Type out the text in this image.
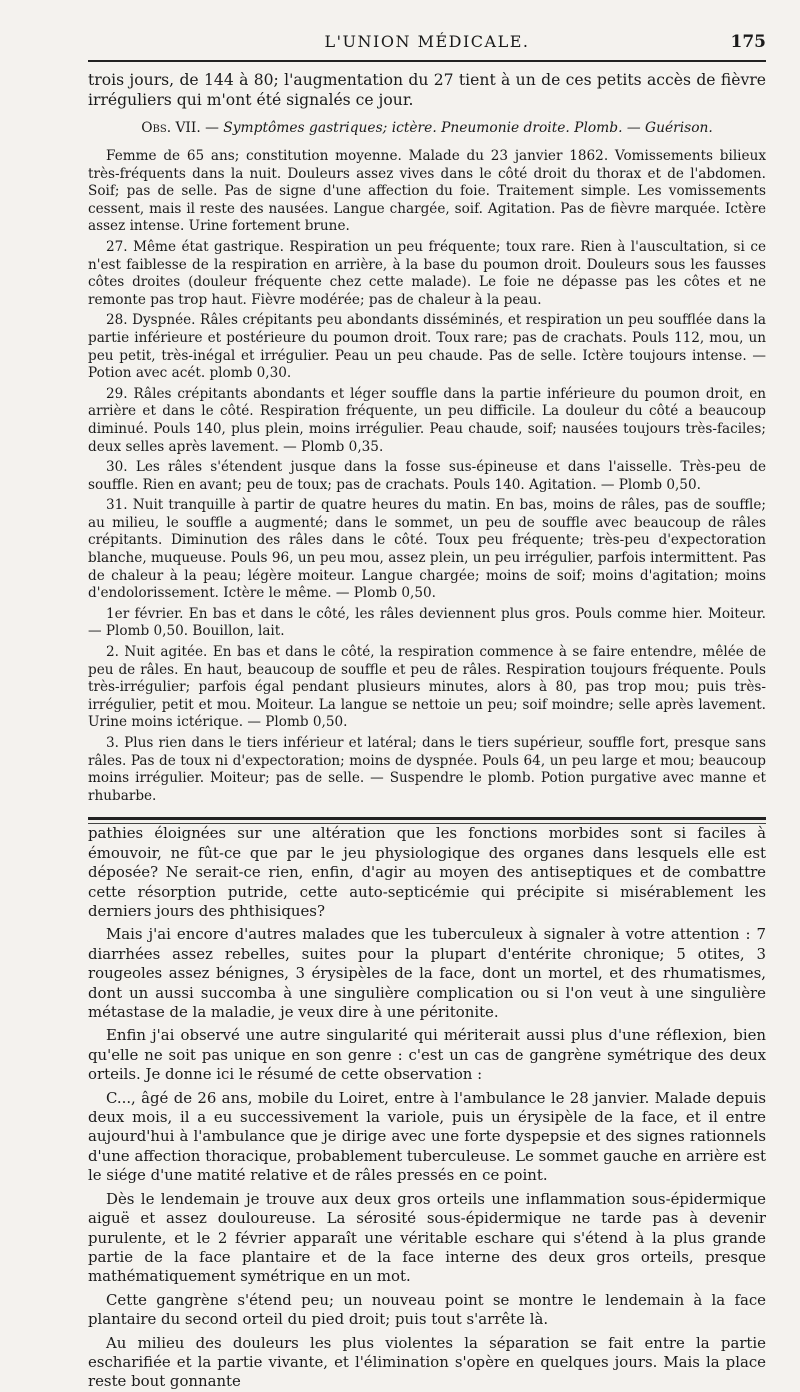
L'UNION MÉDICALE.	175

trois jours, de 144 à 80; l'augmentation du 27 tient à un de ces petits accès de fièvre irréguliers qui m'ont été signalés ce jour.

Obs. VII. — Symptômes gastriques; ictère. Pneumonie droite. Plomb. — Guérison.

Femme de 65 ans; constitution moyenne. Malade du 23 janvier 1862. Vomissements bilieux très-fréquents dans la nuit. Douleurs assez vives dans le côté droit du thorax et de l'abdomen. Soif; pas de selle. Pas de signe d'une affection du foie. Traitement simple. Les vomissements cessent, mais il reste des nausées. Langue chargée, soif. Agitation. Pas de fièvre marquée. Ictère assez intense. Urine fortement brune.

27. Même état gastrique. Respiration un peu fréquente; toux rare. Rien à l'auscultation, si ce n'est faiblesse de la respiration en arrière, à la base du poumon droit. Douleurs sous les fausses côtes droites (douleur fréquente chez cette malade). Le foie ne dépasse pas les côtes et ne remonte pas trop haut. Fièvre modérée; pas de chaleur à la peau.

28. Dyspnée. Râles crépitants peu abondants disséminés, et respiration un peu soufflée dans la partie inférieure et postérieure du poumon droit. Toux rare; pas de crachats. Pouls 112, mou, un peu petit, très-inégal et irrégulier. Peau un peu chaude. Pas de selle. Ictère toujours intense. — Potion avec acét. plomb 0,30.

29. Râles crépitants abondants et léger souffle dans la partie inférieure du poumon droit, en arrière et dans le côté. Respiration fréquente, un peu difficile. La douleur du côté a beaucoup diminué. Pouls 140, plus plein, moins irrégulier. Peau chaude, soif; nausées toujours très-faciles; deux selles après lavement. — Plomb 0,35.

30. Les râles s'étendent jusque dans la fosse sus-épineuse et dans l'aisselle. Très-peu de souffle. Rien en avant; peu de toux; pas de crachats. Pouls 140. Agitation. — Plomb 0,50.

31. Nuit tranquille à partir de quatre heures du matin. En bas, moins de râles, pas de souffle; au milieu, le souffle a augmenté; dans le sommet, un peu de souffle avec beaucoup de râles crépitants. Diminution des râles dans le côté. Toux peu fréquente; très-peu d'expectoration blanche, muqueuse. Pouls 96, un peu mou, assez plein, un peu irrégulier, parfois intermittent. Pas de chaleur à la peau; légère moiteur. Langue chargée; moins de soif; moins d'agitation; moins d'endolorissement. Ictère le même. — Plomb 0,50.

1er février. En bas et dans le côté, les râles deviennent plus gros. Pouls comme hier. Moiteur. — Plomb 0,50. Bouillon, lait.

2. Nuit agitée. En bas et dans le côté, la respiration commence à se faire entendre, mêlée de peu de râles. En haut, beaucoup de souffle et peu de râles. Respiration toujours fréquente. Pouls très-irrégulier; parfois égal pendant plusieurs minutes, alors à 80, pas trop mou; puis très-irrégulier, petit et mou. Moiteur. La langue se nettoie un peu; soif moindre; selle après lavement. Urine moins ictérique. — Plomb 0,50.

3. Plus rien dans le tiers inférieur et latéral; dans le tiers supérieur, souffle fort, presque sans râles. Pas de toux ni d'expectoration; moins de dyspnée. Pouls 64, un peu large et mou; beaucoup moins irrégulier. Moiteur; pas de selle. — Suspendre le plomb. Potion purgative avec manne et rhubarbe.

pathies éloignées sur une altération que les fonctions morbides sont si faciles à émouvoir, ne fût-ce que par le jeu physiologique des organes dans lesquels elle est déposée? Ne serait-ce rien, enfin, d'agir au moyen des antiseptiques et de combattre cette résorption putride, cette auto-septicémie qui précipite si misérablement les derniers jours des phthisiques?

Mais j'ai encore d'autres malades que les tuberculeux à signaler à votre attention : 7 diarrhées assez rebelles, suites pour la plupart d'entérite chronique; 5 otites, 3 rougeoles assez bénignes, 3 érysipèles de la face, dont un mortel, et des rhumatismes, dont un aussi succomba à une singulière complication ou si l'on veut à une singulière métastase de la maladie, je veux dire à une péritonite.

Enfin j'ai observé une autre singularité qui mériterait aussi plus d'une réflexion, bien qu'elle ne soit pas unique en son genre : c'est un cas de gangrène symétrique des deux orteils. Je donne ici le résumé de cette observation :

C..., âgé de 26 ans, mobile du Loiret, entre à l'ambulance le 28 janvier. Malade depuis deux mois, il a eu successivement la variole, puis un érysipèle de la face, et il entre aujourd'hui à l'ambulance que je dirige avec une forte dyspepsie et des signes rationnels d'une affection thoracique, probablement tuberculeuse. Le sommet gauche en arrière est le siége d'une matité relative et de râles pressés en ce point.

Dès le lendemain je trouve aux deux gros orteils une inflammation sous-épidermique aiguë et assez douloureuse. La sérosité sous-épidermique ne tarde pas à devenir purulente, et le 2 février apparaît une véritable eschare qui s'étend à la plus grande partie de la face plantaire et de la face interne des deux gros orteils, presque mathématiquement symétrique en un mot.

Cette gangrène s'étend peu; un nouveau point se montre le lendemain à la face plantaire du second orteil du pied droit; puis tout s'arrête là.

Au milieu des douleurs les plus violentes la séparation se fait entre la partie escharifiée et la partie vivante, et l'élimination s'opère en quelques jours. Mais la place reste bout gonnante
